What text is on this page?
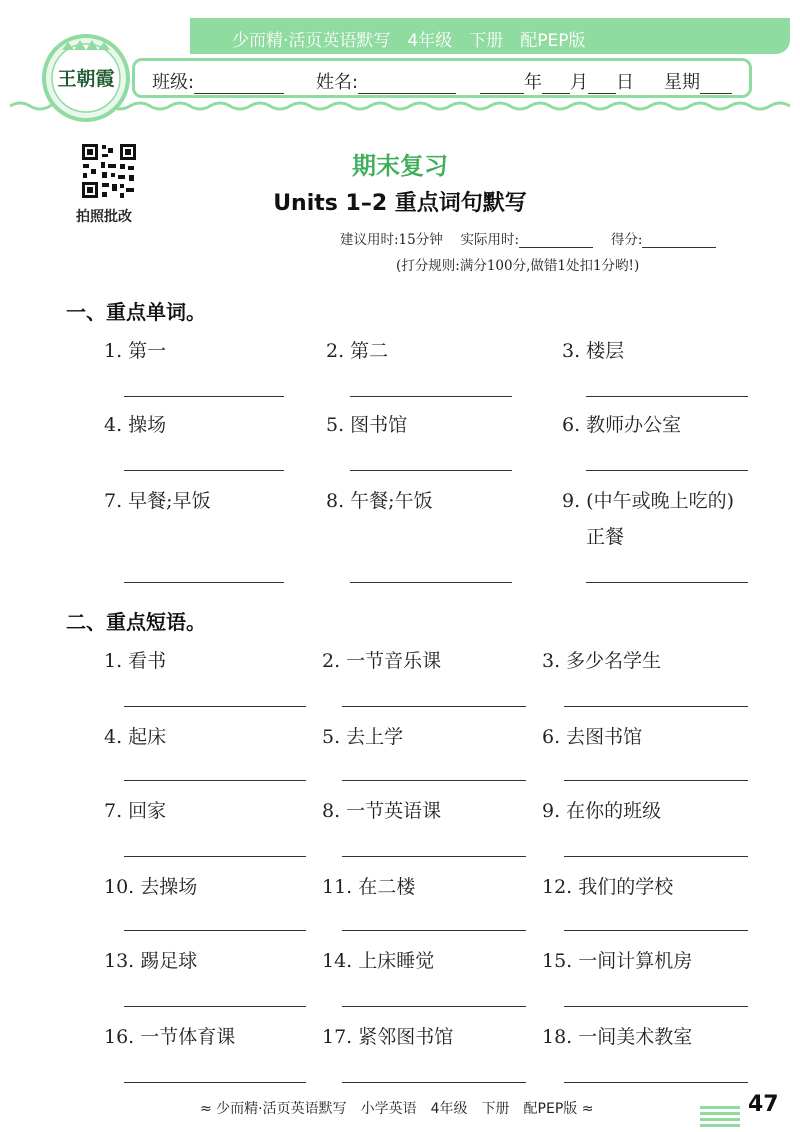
少而精·活页英语默写　4年级　下册　配PEP版
班级:	姓名:	年 月 日 星期
王朝霞
拍照批改
期末复习
Units 1–2 重点词句默写
建议用时:15分钟　 实际用时:　	得分:
(打分规则:满分100分,做错1处扣1分哟!)
一、重点单词。
1. 第一	2. 第二	3. 楼层
4. 操场	5. 图书馆	6. 教师办公室
7. 早餐;早饭	8. 午餐;午饭	9. (中午或晚上吃的)
正餐
二、重点短语。
1. 看书	2. 一节音乐课	3. 多少名学生
4. 起床	5. 去上学	6. 去图书馆
7. 回家	8. 一节英语课	9. 在你的班级
10. 去操场	11. 在二楼	12. 我们的学校
13. 踢足球	14. 上床睡觉	15. 一间计算机房
16. 一节体育课	17. 紧邻图书馆	18. 一间美术教室
≈ 少而精·活页英语默写　小学英语　4年级　下册　配PEP版 ≈	47
